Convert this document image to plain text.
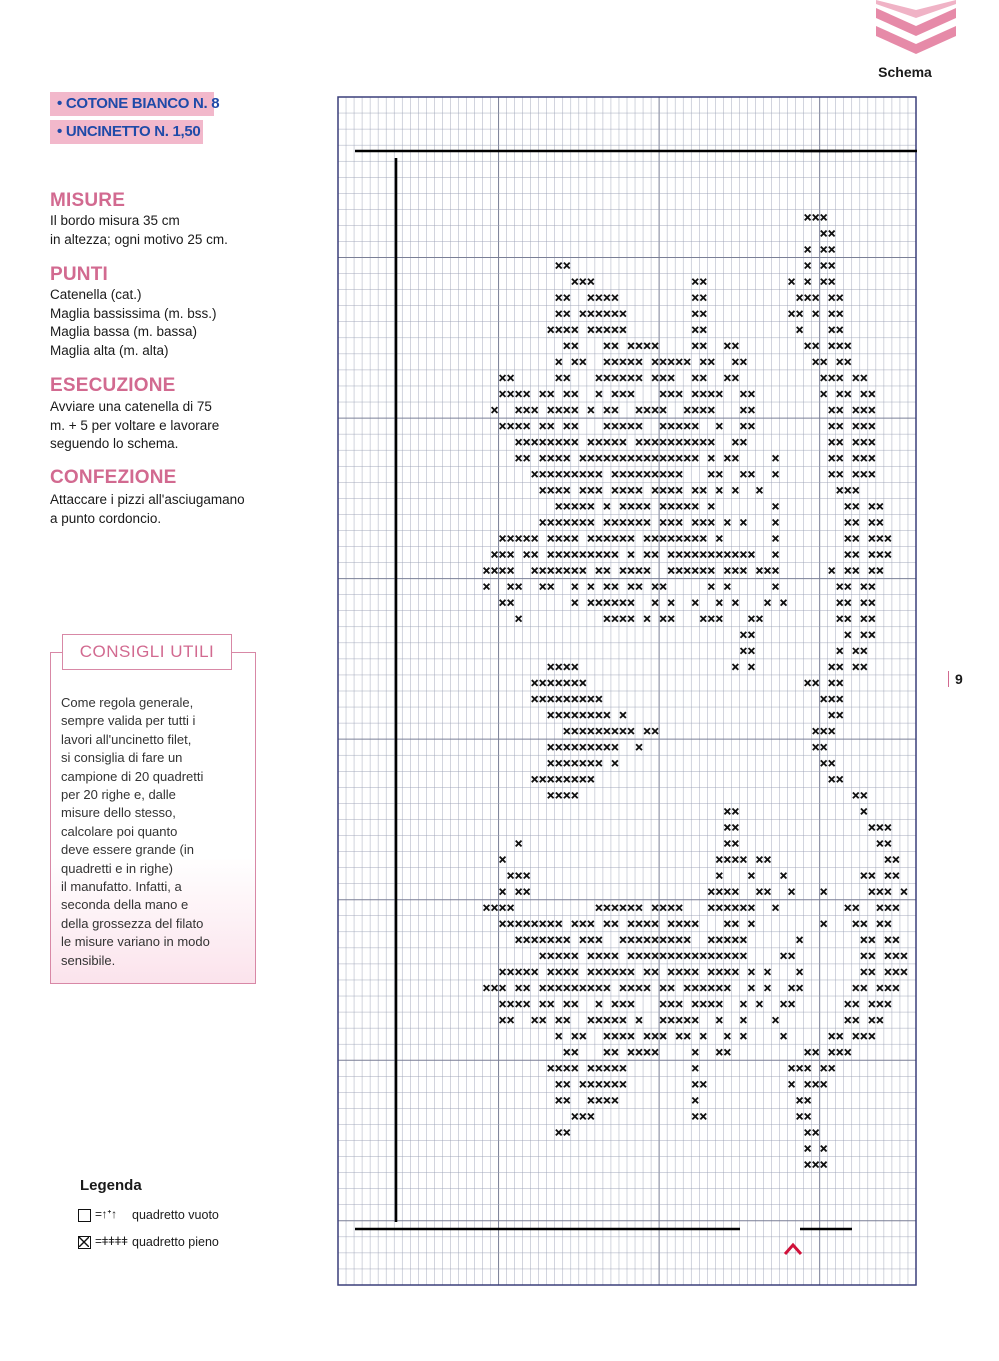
Schema
• COTONE BIANCO N. 8
• UNCINETTO N. 1,50
MISURE
Il bordo misura 35 cm
in altezza; ogni motivo 25 cm.
PUNTI
Catenella (cat.)
Maglia bassissima (m. bss.)
Maglia bassa (m. bassa)
Maglia alta (m. alta)
ESECUZIONE
Avviare una catenella di 75
m. + 5 per voltare e lavorare
seguendo lo schema.
CONFEZIONE
Attaccare i pizzi all'asciugamano
a punto cordoncio.
CONSIGLI UTILI
Come regola generale,
sempre valida per tutti i
lavori all'uncinetto filet,
si consiglia di fare un
campione di 20 quadretti
per 20 righe e, dalle
misure dello stesso,
calcolare poi quanto
deve essere grande (in
quadretti e in righe)
il manufatto. Infatti, a
seconda della mano e
della grossezza del filato
le misure variano in modo
sensibile.
Legenda
=↑ᐩ↑ quadretto vuoto
=ǂǂǂǂ quadretto pieno
9
